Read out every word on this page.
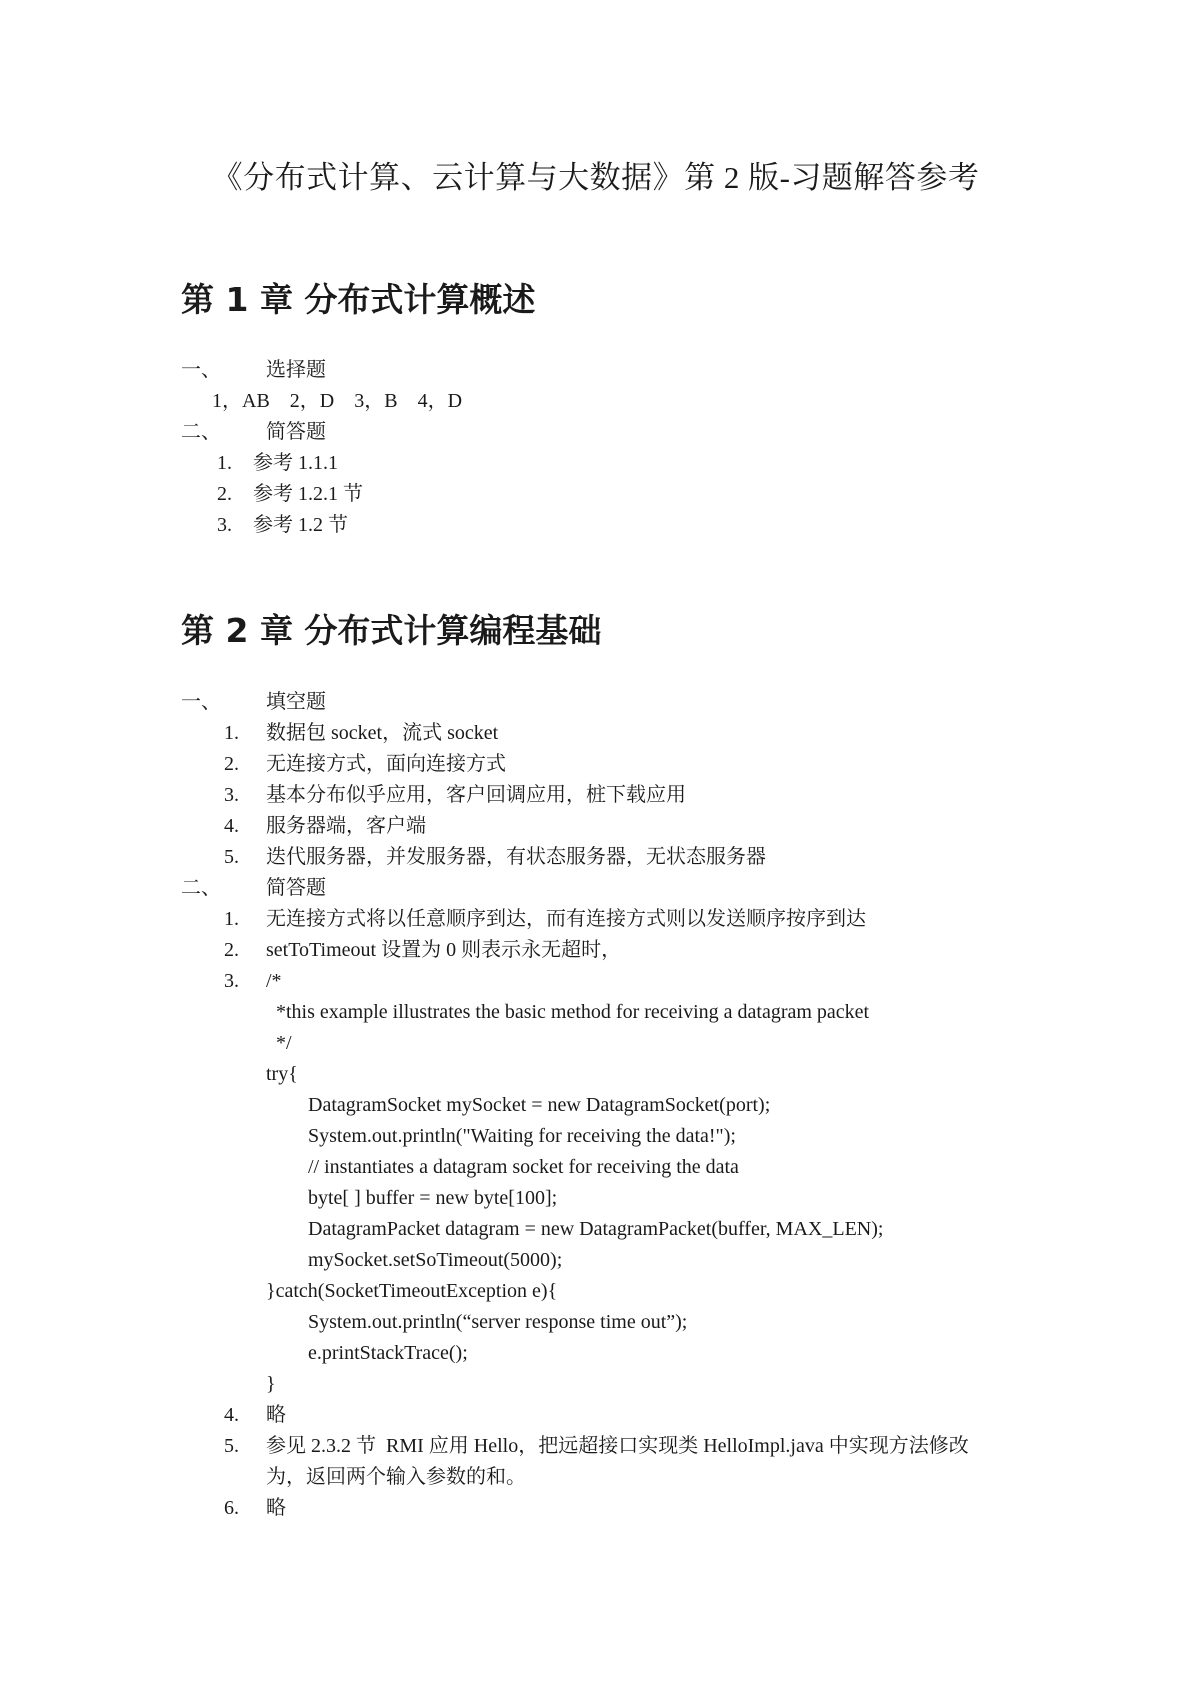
《分布式计算、云计算与大数据》第 2 版-习题解答参考
第 1 章 分布式计算概述
一、 选择题
1，AB    2，D    3，B    4，D
二、 简答题
1. 参考 1.1.1
2. 参考 1.2.1 节
3. 参考 1.2 节
第 2 章 分布式计算编程基础
一、 填空题
1. 数据包 socket，流式 socket
2. 无连接方式，面向连接方式
3. 基本分布似乎应用，客户回调应用，桩下载应用
4. 服务器端，客户端
5. 迭代服务器，并发服务器，有状态服务器，无状态服务器
二、 简答题
1. 无连接方式将以任意顺序到达，而有连接方式则以发送顺序按序到达
2. setToTimeout 设置为 0 则表示永无超时，
3. /*
*this example illustrates the basic method for receiving a datagram packet
*/
try{
DatagramSocket mySocket = new DatagramSocket(port);
System.out.println("Waiting for receiving the data!");
// instantiates a datagram socket for receiving the data
byte[ ] buffer = new byte[100];
DatagramPacket datagram = new DatagramPacket(buffer, MAX_LEN);
mySocket.setSoTimeout(5000);
}catch(SocketTimeoutException e){
System.out.println(“server response time out”);
e.printStackTrace();
}
4. 略
5. 参见 2.3.2 节  RMI 应用 Hello，把远超接口实现类 HelloImpl.java 中实现方法修改
为，返回两个输入参数的和。
6. 略
